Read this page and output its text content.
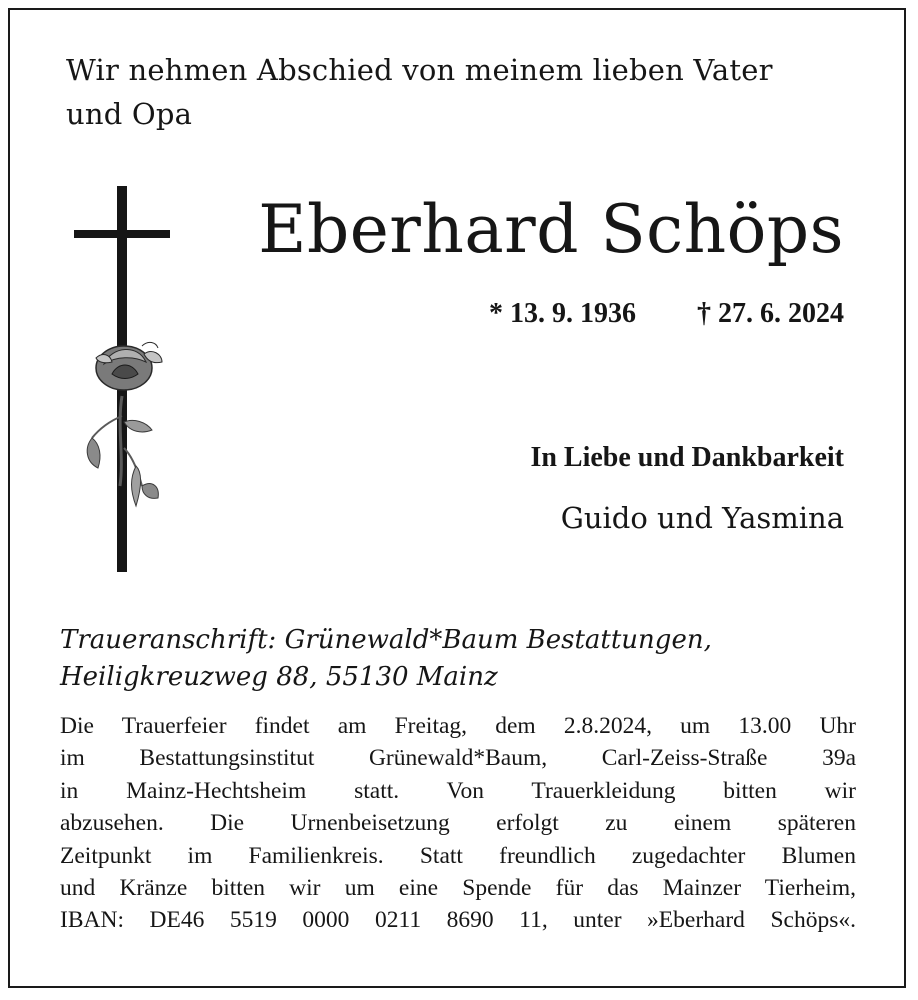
Wir nehmen Abschied von meinem lieben Vater
und Opa
Eberhard Schöps
* 13. 9. 1936 † 27. 6. 2024
In Liebe und Dankbarkeit
Guido und Yasmina
Traueranschrift: Grünewald*Baum Bestattungen,
Heiligkreuzweg 88, 55130 Mainz
Die Trauerfeier findet am Freitag, dem 2.8.2024, um 13.00 Uhr
im Bestattungsinstitut Grünewald*Baum, Carl-Zeiss-Straße 39a
in Mainz-Hechtsheim statt. Von Trauerkleidung bitten wir
abzusehen. Die Urnenbeisetzung erfolgt zu einem späteren
Zeitpunkt im Familienkreis. Statt freundlich zugedachter Blumen
und Kränze bitten wir um eine Spende für das Mainzer Tierheim,
IBAN: DE46 5519 0000 0211 8690 11, unter »Eberhard Schöps«.
